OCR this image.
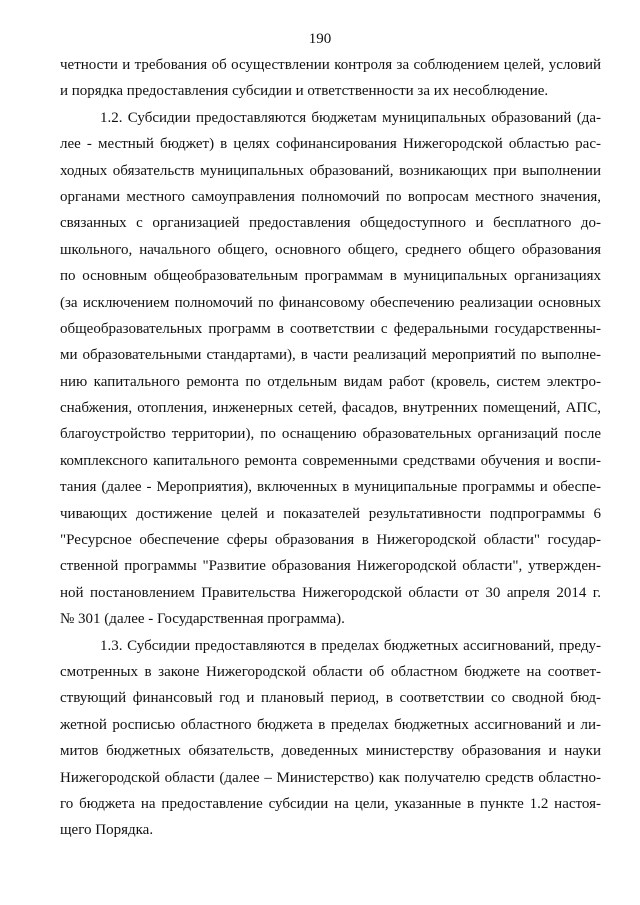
190
четности и требования об осуществлении контроля за соблюдением целей, условий
и порядка предоставления субсидии и ответственности за их несоблюдение.
1.2. Субсидии предоставляются бюджетам муниципальных образований (да-
лее - местный бюджет) в целях софинансирования Нижегородской областью рас-
ходных обязательств муниципальных образований, возникающих при выполнении
органами местного самоуправления полномочий по вопросам местного значения,
связанных с организацией предоставления общедоступного и бесплатного до-
школьного, начального общего, основного общего, среднего общего образования
по основным общеобразовательным программам в муниципальных организациях
(за исключением полномочий по финансовому обеспечению реализации основных
общеобразовательных программ в соответствии с федеральными государственны-
ми образовательными стандартами), в части реализаций мероприятий по выполне-
нию капитального ремонта по отдельным видам работ (кровель, систем электро-
снабжения, отопления, инженерных сетей, фасадов, внутренних помещений, АПС,
благоустройство территории), по оснащению образовательных организаций после
комплексного капитального ремонта современными средствами обучения и воспи-
тания (далее - Мероприятия), включенных в муниципальные программы и обеспе-
чивающих достижение целей и показателей результативности подпрограммы 6
"Ресурсное обеспечение сферы образования в Нижегородской области" государ-
ственной программы "Развитие образования Нижегородской области", утвержден-
ной постановлением Правительства Нижегородской области от 30 апреля 2014 г.
№ 301 (далее - Государственная программа).
1.3. Субсидии предоставляются в пределах бюджетных ассигнований, преду-
смотренных в законе Нижегородской области об областном бюджете на соответ-
ствующий финансовый год и плановый период, в соответствии со сводной бюд-
жетной росписью областного бюджета в пределах бюджетных ассигнований и ли-
митов бюджетных обязательств, доведенных министерству образования и науки
Нижегородской области (далее – Министерство) как получателю средств областно-
го бюджета на предоставление субсидии на цели, указанные в пункте 1.2 настоя-
щего Порядка.
